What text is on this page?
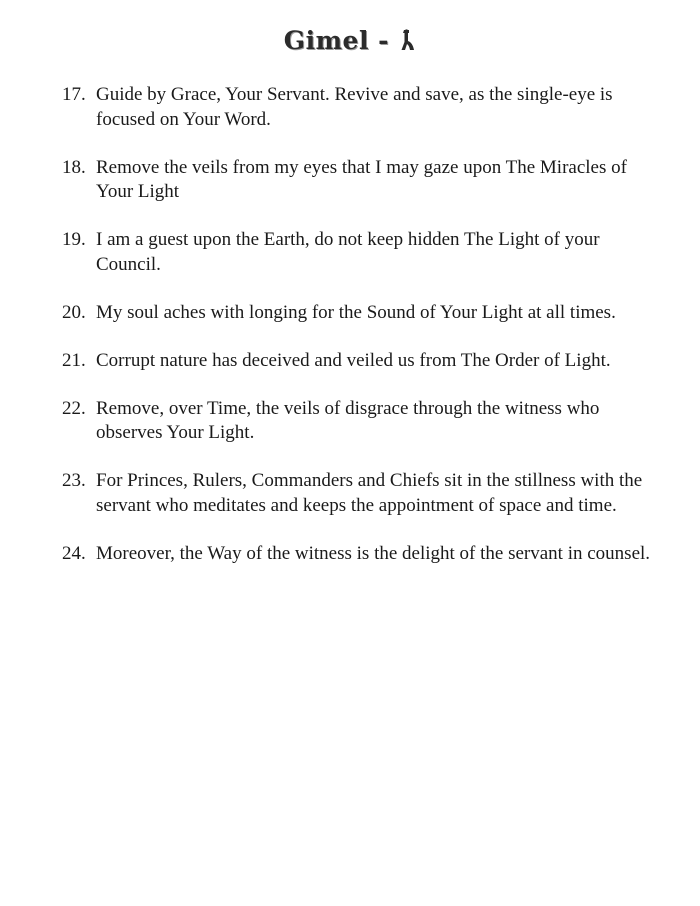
Gimel -
17. Guide by Grace, Your Servant. Revive and save, as the single-eye is focused on Your Word.
18. Remove the veils from my eyes that I may gaze upon The Miracles of Your Light
19. I am a guest upon the Earth, do not keep hidden The Light of your Council.
20. My soul aches with longing for the Sound of Your Light at all times.
21. Corrupt nature has deceived and veiled us from The Order of Light.
22. Remove, over Time, the veils of disgrace through the witness who observes Your Light.
23. For Princes, Rulers, Commanders and Chiefs sit in the stillness with the servant who meditates and keeps the appointment of space and time.
24. Moreover, the Way of the witness is the delight of the servant in counsel.
